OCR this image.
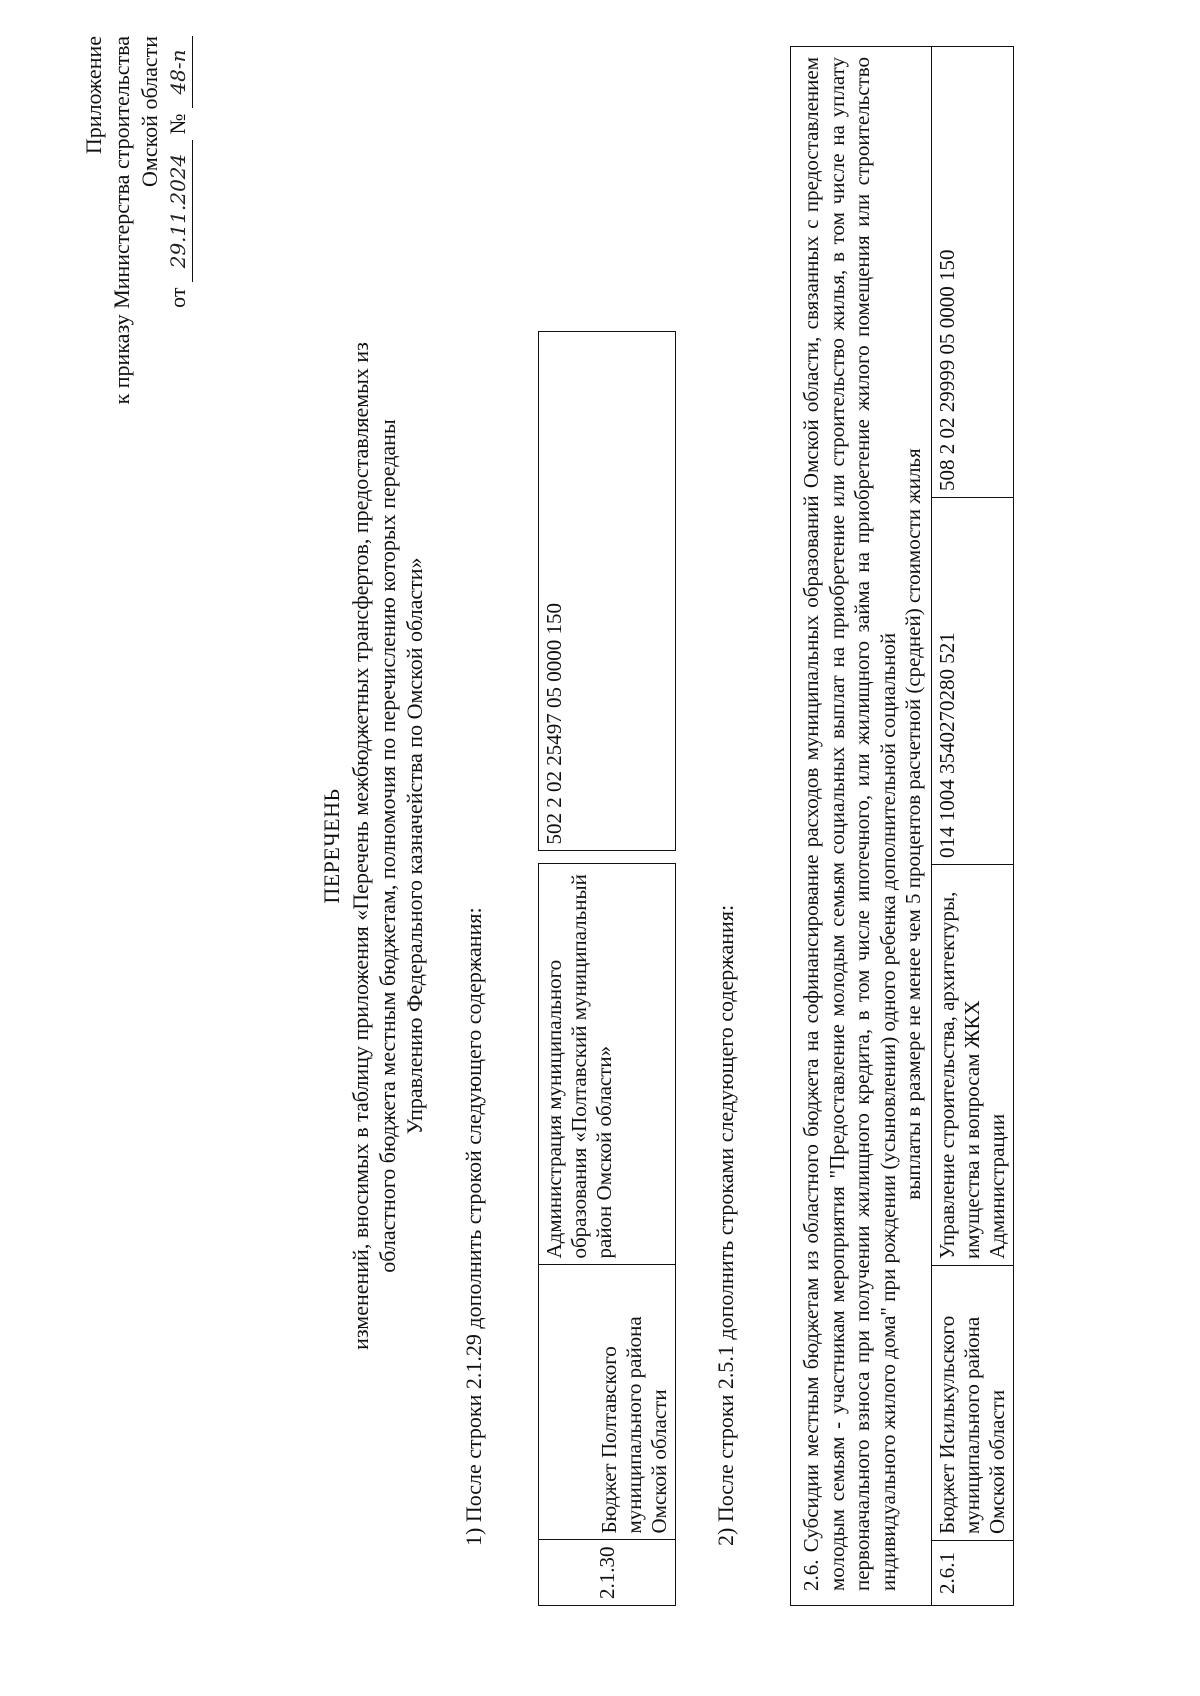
Приложение к приказу Министерства строительства Омской области
от 29.11.2024 № 48-п
ПЕРЕЧЕНЬ изменений, вносимых в таблицу приложения «Перечень межбюджетных трансфертов, предоставляемых из областного бюджета местным бюджетам, полномочия по перечислению которых переданы Управлению Федерального казначейства по Омской области»
1) После строки 2.1.29 дополнить строкой следующего содержания:
2.1.30	Бюджет Полтавского муниципального района Омской области	Администрация муниципального образования «Полтавский муниципальный район Омской области»		502 2 02 25497 05 0000 150
2) После строки 2.5.1 дополнить строками следующего содержания:	2.6. Субсидии местным бюджетам из областного бюджета на софинансирование расходов муниципальных образований Омской области, связанных с предоставлением молодым семьям - участникам мероприятия "Предоставление молодым семьям социальных выплат на приобретение или строительство жилья, в том числе на уплату первоначального взноса при получении жилищного кредита, в том числе ипотечного, или жилищного займа на приобретение жилого помещения или строительство индивидуального жилого дома" при рождении (усыновлении) одного ребенка дополнительной социальной выплаты в размере не менее чем 5 процентов расчетной (средней) стоимости жилья

2.6.1	Бюджет Исилькульского муниципального района Омской области	Управление строительства, архитектуры, имущества и вопросам ЖКХ Администрации	014 1004 3540270280 521	508 2 02 29999 05 0000 150
